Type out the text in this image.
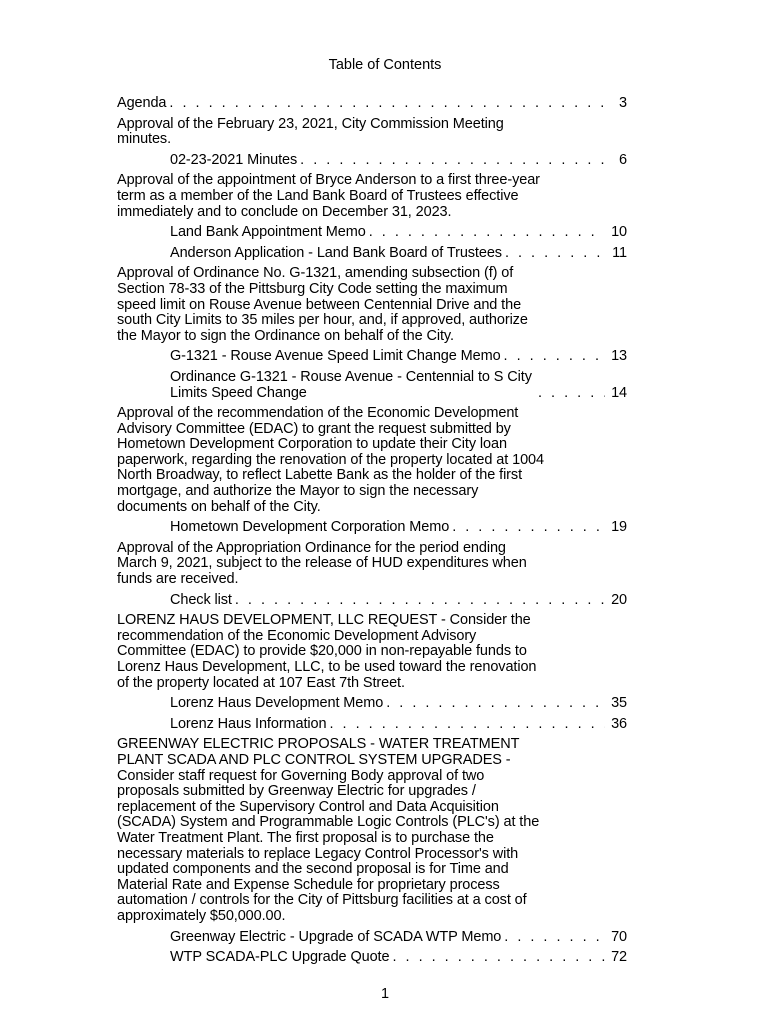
Table of Contents
Agenda . . .	3
Approval of the February 23, 2021, City Commission Meeting minutes.
02-23-2021 Minutes . . .	6
Approval of the appointment of Bryce Anderson to a first three-year term as a member of the Land Bank Board of Trustees effective immediately and to conclude on December 31, 2023.
Land Bank Appointment Memo . . .	10
Anderson Application - Land Bank Board of Trustees . . .	11
Approval of Ordinance No. G-1321, amending subsection (f) of Section 78-33 of the Pittsburg City Code setting the maximum speed limit on Rouse Avenue between Centennial Drive and the south City Limits to 35 miles per hour, and, if approved, authorize the Mayor to sign the Ordinance on behalf of the City.
G-1321 - Rouse Avenue Speed Limit Change Memo . . .	13
Ordinance G-1321 - Rouse Avenue - Centennial to S City Limits Speed Change . . .	14
Approval of the recommendation of the Economic Development Advisory Committee (EDAC) to grant the request submitted by Hometown Development Corporation to update their City loan paperwork, regarding the renovation of the property located at 1004 North Broadway, to reflect Labette Bank as the holder of the first mortgage, and authorize the Mayor to sign the necessary documents on behalf of the City.
Hometown Development Corporation Memo . . .	19
Approval of the Appropriation Ordinance for the period ending March 9, 2021, subject to the release of HUD expenditures when funds are received.
Check list . . .	20
LORENZ HAUS DEVELOPMENT, LLC REQUEST - Consider the recommendation of the Economic Development Advisory Committee (EDAC) to provide $20,000 in non-repayable funds to Lorenz Haus Development, LLC, to be used toward the renovation of the property located at 107 East 7th Street.
Lorenz Haus Development Memo . . .	35
Lorenz Haus Information . . .	36
GREENWAY ELECTRIC PROPOSALS - WATER TREATMENT PLANT SCADA AND PLC CONTROL SYSTEM UPGRADES - Consider staff request for Governing Body approval of two proposals submitted by Greenway Electric for upgrades / replacement of the Supervisory Control and Data Acquisition (SCADA) System and Programmable Logic Controls (PLC's) at the Water Treatment Plant. The first proposal is to purchase the necessary materials to replace Legacy Control Processor's with updated components and the second proposal is for Time and Material Rate and Expense Schedule for proprietary process automation / controls for the City of Pittsburg facilities at a cost of approximately $50,000.00.
Greenway Electric - Upgrade of SCADA WTP Memo . . .	70
WTP SCADA-PLC Upgrade Quote . . .	72
1
